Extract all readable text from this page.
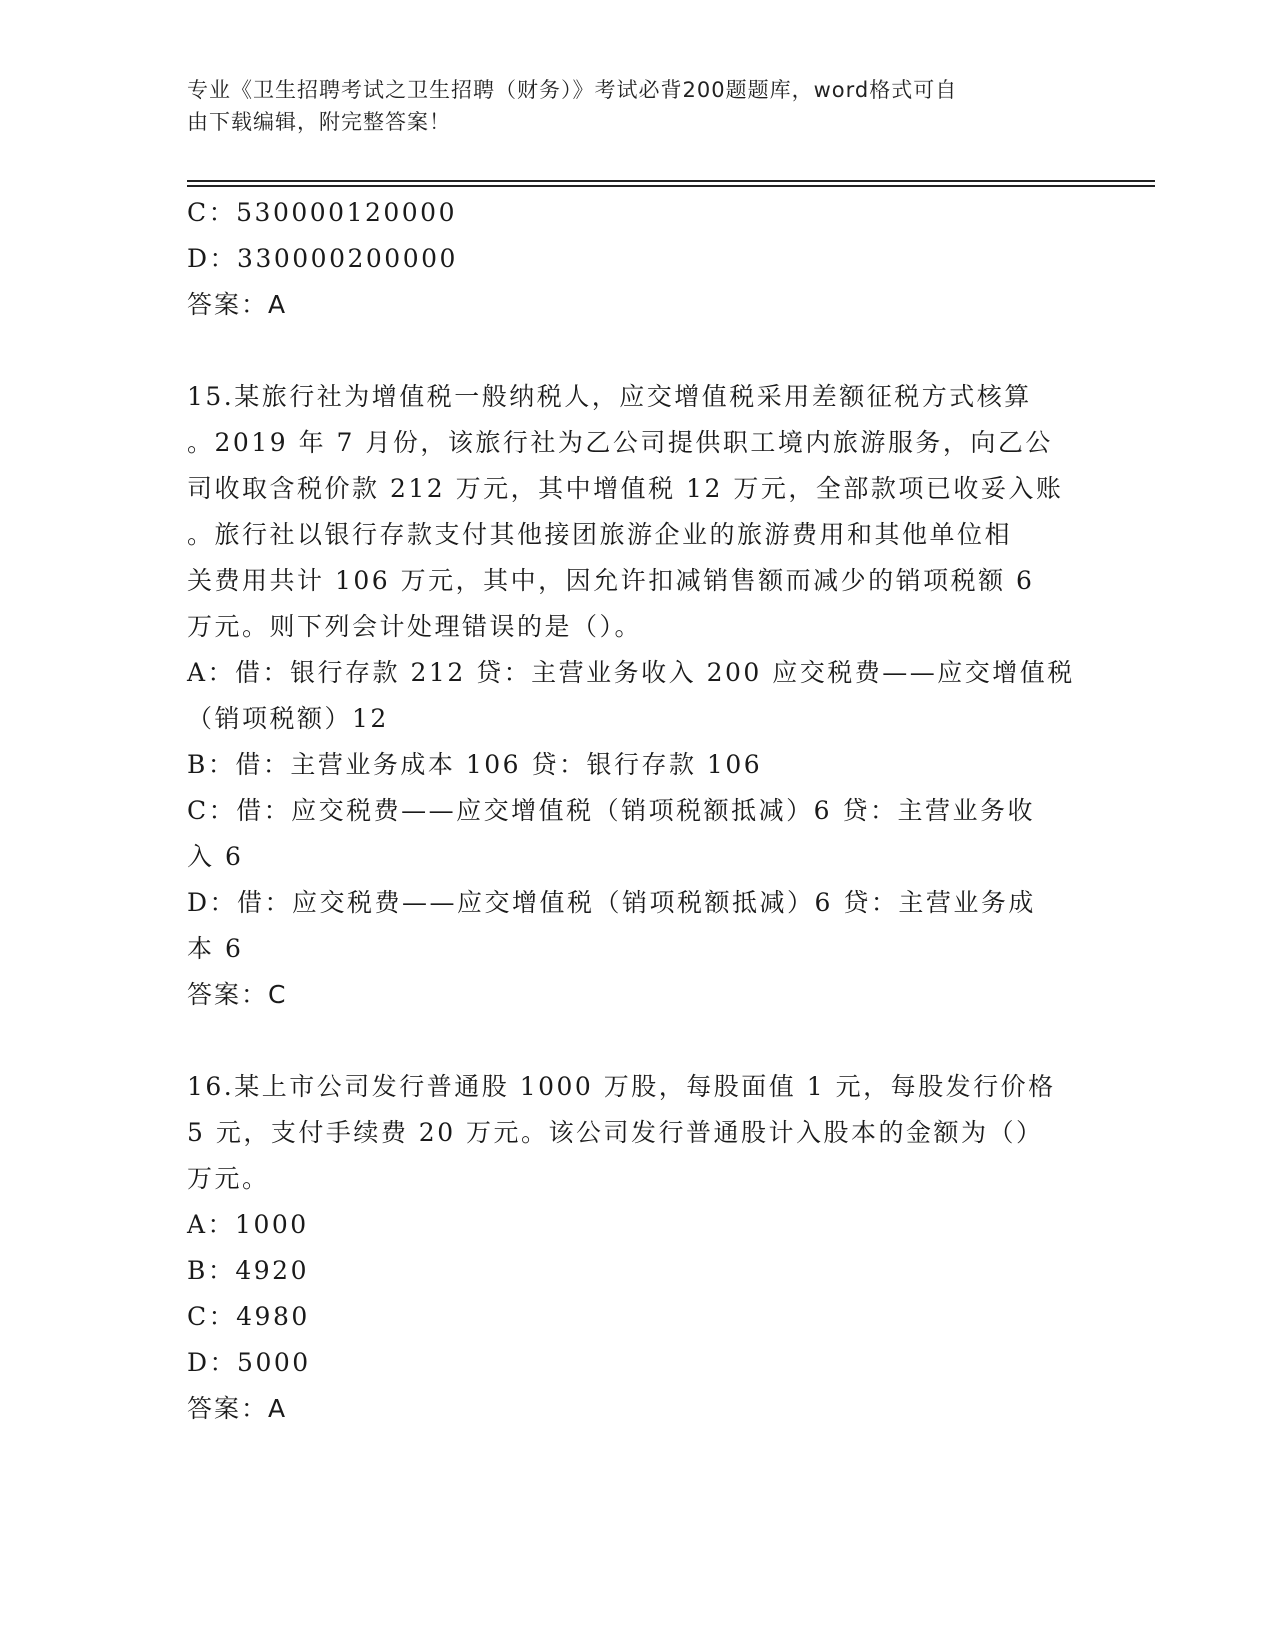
专业《卫生招聘考试之卫生招聘（财务）》考试必背200题题库，word格式可自
由下载编辑，附完整答案！
C：530000120000
D：330000200000
答案：A
15.某旅行社为增值税一般纳税人，应交增值税采用差额征税方式核算
。2019 年 7 月份，该旅行社为乙公司提供职工境内旅游服务，向乙公
司收取含税价款 212 万元，其中增值税 12 万元，全部款项已收妥入账
。旅行社以银行存款支付其他接团旅游企业的旅游费用和其他单位相
关费用共计 106 万元，其中，因允许扣减销售额而减少的销项税额 6
万元。则下列会计处理错误的是（）。
A：借：银行存款 212 贷：主营业务收入 200 应交税费——应交增值税
（销项税额）12
B：借：主营业务成本 106 贷：银行存款 106
C：借：应交税费——应交增值税（销项税额抵减）6 贷：主营业务收
入 6
D：借：应交税费——应交增值税（销项税额抵减）6 贷：主营业务成
本 6
答案：C
16.某上市公司发行普通股 1000 万股，每股面值 1 元，每股发行价格
5 元，支付手续费 20 万元。该公司发行普通股计入股本的金额为（）
万元。
A：1000
B：4920
C：4980
D：5000
答案：A
